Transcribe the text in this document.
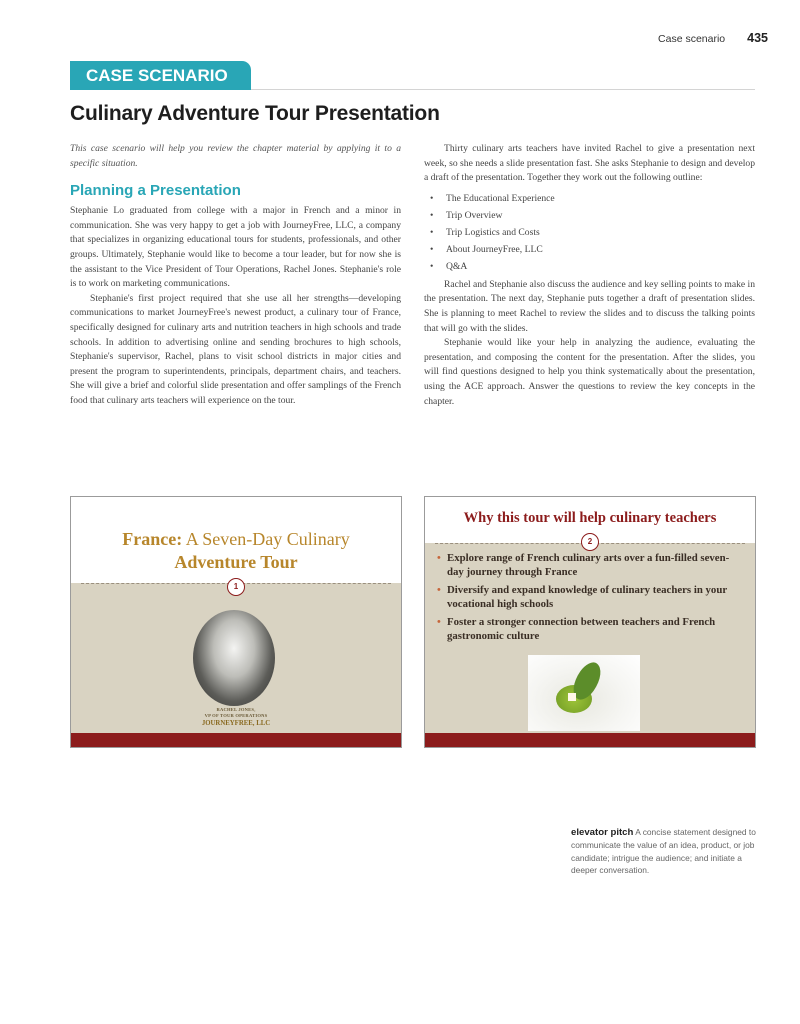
Case scenario 435
CASE SCENARIO
Culinary Adventure Tour Presentation

This case scenario will help you review the chapter material by applying it to a specific situation.

Planning a Presentation

Stephanie Lo graduated from college with a major in French and a minor in communication. She was very happy to get a job with JourneyFree, LLC, a company that specializes in organizing educational tours for students, professionals, and other groups. Ultimately, Stephanie would like to become a tour leader, but for now she is the assistant to the Vice President of Tour Operations, Rachel Jones. Stephanie's role is to work on marketing communications.

Stephanie's first project required that she use all her strengths—developing communications to market JourneyFree's newest product, a culinary tour of France, specifically designed for culinary arts and nutrition teachers in high schools and trade schools. In addition to advertising online and sending brochures to high schools, Stephanie's supervisor, Rachel, plans to visit school districts in major cities and present the program to superintendents, principals, department chairs, and teachers. She will give a brief and colorful slide presentation and offer samplings of the French food that culinary arts teachers will experience on the tour.

Thirty culinary arts teachers have invited Rachel to give a presentation next week, so she needs a slide presentation fast. She asks Stephanie to design and develop a draft of the presentation. Together they work out the following outline:

• The Educational Experience
• Trip Overview
• Trip Logistics and Costs
• About JourneyFree, LLC
• Q&A

Rachel and Stephanie also discuss the audience and key selling points to make in the presentation. The next day, Stephanie puts together a draft of presentation slides. She is planning to meet Rachel to review the slides and to discuss the talking points that will go with the slides.

Stephanie would like your help in analyzing the audience, evaluating the presentation, and composing the content for the presentation. After the slides, you will find questions designed to help you think systematically about the presentation, using the ACE approach. Answer the questions to review the key concepts in the chapter.

France: A Seven-Day Culinary
Adventure Tour
RACHEL JONES,
VP OF TOUR OPERATIONS
JOURNEYFREE, LLC
1
Why this tour will help culinary teachers
• Explore range of French culinary arts over a fun-filled seven-day journey through France
• Diversify and expand knowledge of culinary teachers in your vocational high schools
• Foster a stronger connection between teachers and French gastronomic culture
2
elevator pitch A concise statement designed to communicate the value of an idea, product, or job candidate; intrigue the audience; and initiate a deeper conversation.
